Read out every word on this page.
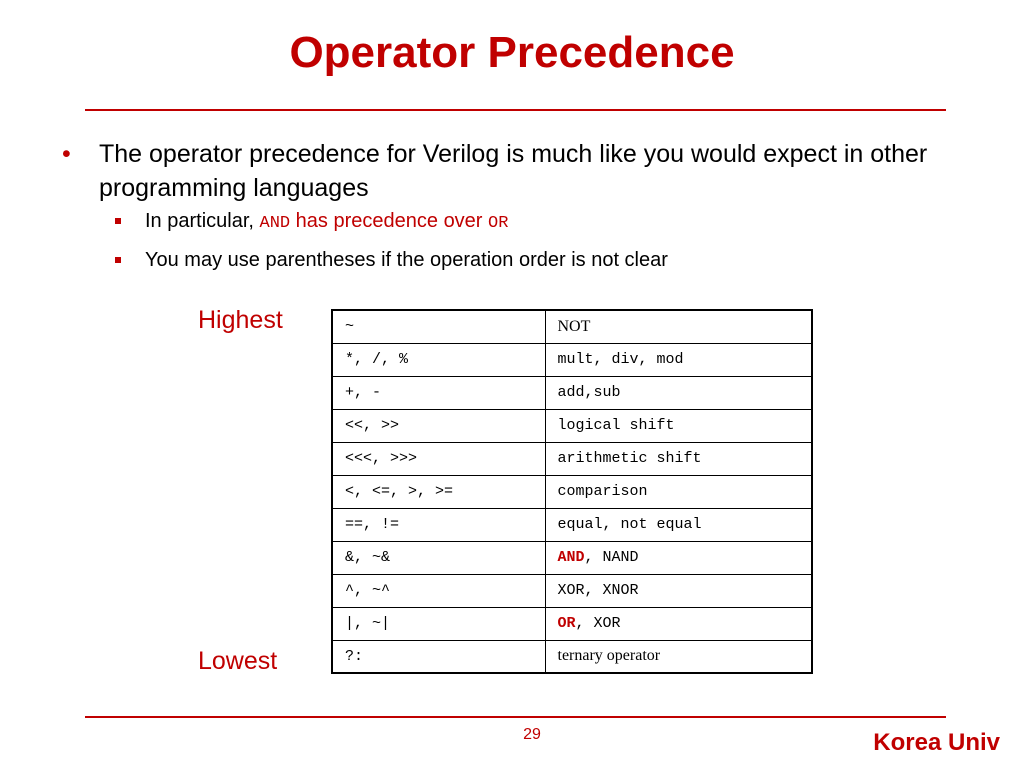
Operator Precedence
• The operator precedence for Verilog is much like you would expect in other programming languages
In particular, AND has precedence over OR
You may use parentheses if the operation order is not clear
Highest
Lowest
~	NOT
*, /, %	mult, div, mod
+, -	add,sub
<<, >>	logical shift
<<<, >>>	arithmetic shift
<, <=, >, >=	comparison
==, !=	equal, not equal
&, ~&	AND, NAND
^, ~^	XOR, XNOR
|, ~|	OR, XOR
?:	ternary operator
29	Korea Univ
